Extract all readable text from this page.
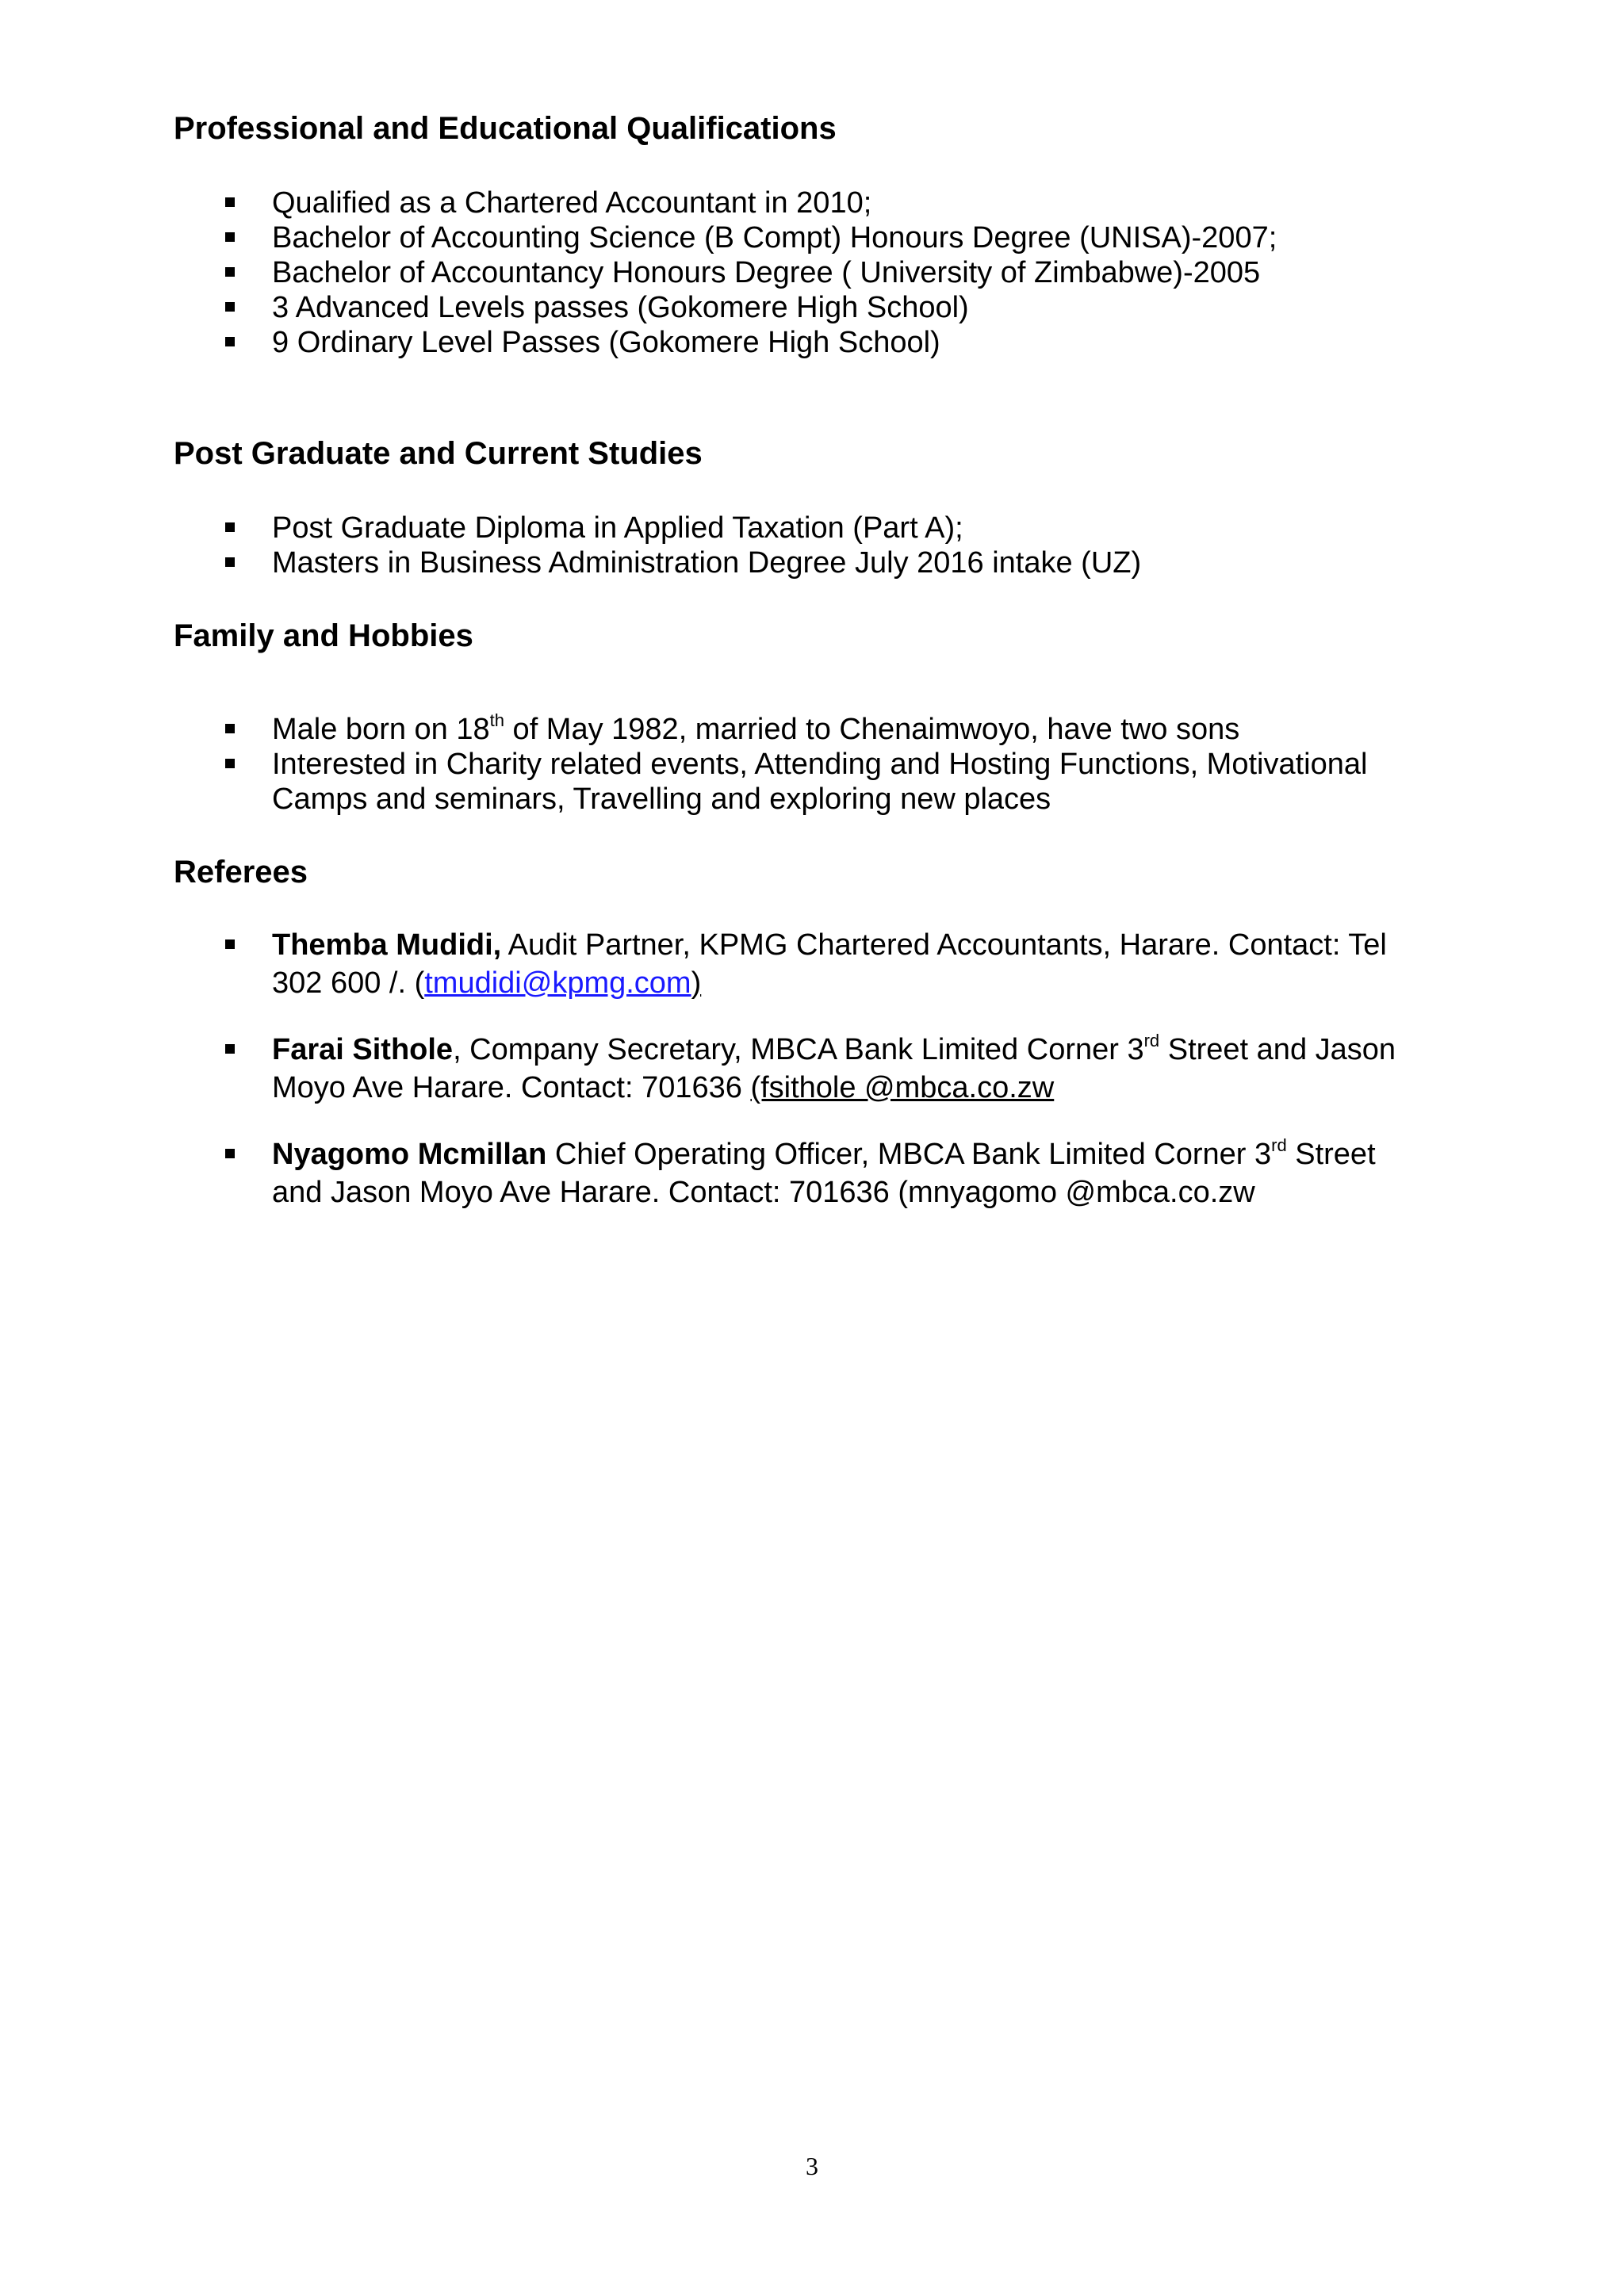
Professional and Educational Qualifications
Qualified as a Chartered Accountant in 2010;
Bachelor of Accounting Science (B Compt) Honours Degree (UNISA)-2007;
Bachelor of Accountancy Honours Degree ( University of Zimbabwe)-2005
3 Advanced Levels passes (Gokomere High School)
9 Ordinary Level Passes (Gokomere High School)
Post Graduate and Current Studies
Post Graduate Diploma in Applied Taxation (Part A);
Masters in Business Administration Degree July 2016 intake (UZ)
Family and Hobbies
Male born on 18th of May 1982, married to Chenaimwoyo, have two sons
Interested in Charity related events, Attending and Hosting Functions, Motivational
Camps and seminars, Travelling and exploring new places
Referees
Themba Mudidi, Audit Partner, KPMG Chartered Accountants, Harare. Contact: Tel
302 600 /. (tmudidi@kpmg.com)
Farai Sithole, Company Secretary, MBCA Bank Limited Corner 3rd Street and Jason
Moyo Ave Harare. Contact: 701636 (fsithole @mbca.co.zw
Nyagomo Mcmillan Chief Operating Officer, MBCA Bank Limited Corner 3rd Street
and Jason Moyo Ave Harare. Contact: 701636 (mnyagomo @mbca.co.zw
3
